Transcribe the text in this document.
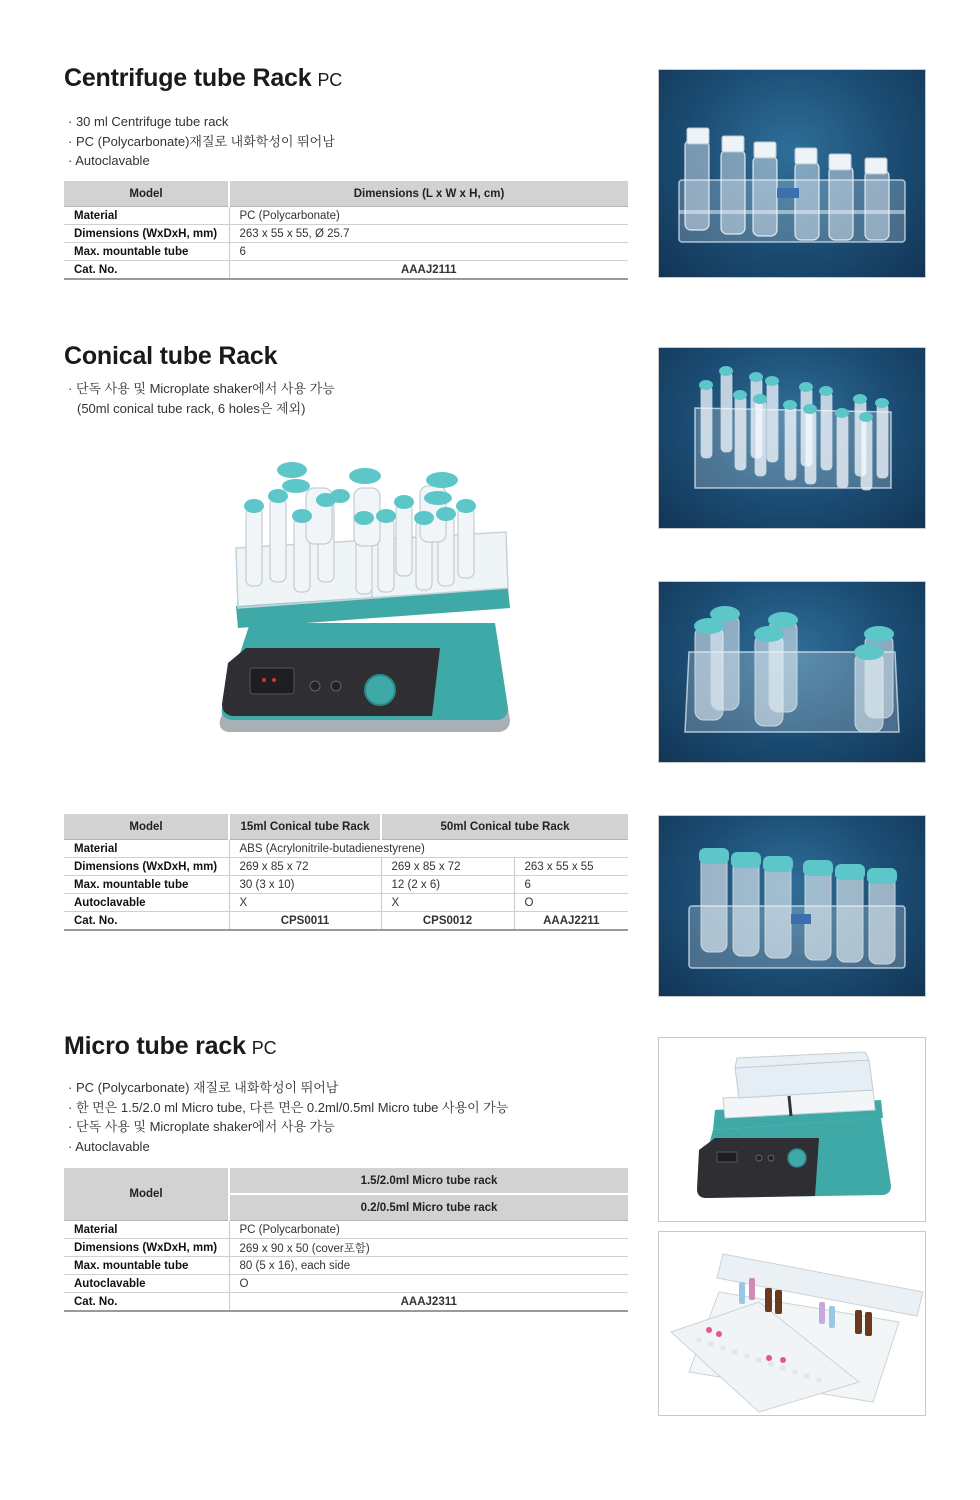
Centrifuge tube Rack PC
· 30 ml Centrifuge tube rack
· PC (Polycarbonate)재질로 내화학성이 뛰어남
· Autoclavable
Model	Dimensions (L x W x H, cm)
Material	PC (Polycarbonate)
Dimensions (WxDxH, mm)	263 x 55 x 55, Ø 25.7
Max. mountable tube	6
Cat. No.	AAAJ2111
Conical tube Rack
· 단독 사용 및 Microplate shaker에서 사용 가능
(50ml conical tube rack, 6 holes은 제외)
Model	15ml Conical tube Rack	50ml Conical tube Rack	
Material	ABS (Acrylonitrile-butadienestyrene)		
Dimensions (WxDxH, mm)	269 x 85 x 72	269 x 85 x 72	263 x 55 x 55
Max. mountable tube	30 (3 x 10)	12 (2 x 6)	6
Autoclavable	X	X	O
Cat. No.	CPS0011	CPS0012	AAAJ2211
Micro tube rack PC
· PC (Polycarbonate) 재질로 내화학성이 뛰어남
· 한 면은 1.5/2.0 ml Micro tube, 다른 면은 0.2ml/0.5ml Micro tube 사용이 가능
· 단독 사용 및 Microplate shaker에서 사용 가능
· Autoclavable
Model	1.5/2.0ml Micro tube rack
	0.2/0.5ml Micro tube rack
Material	PC (Polycarbonate)
Dimensions (WxDxH, mm)	269 x 90 x 50 (cover포함)
Max. mountable tube	80 (5 x 16), each side
Autoclavable	O
Cat. No.	AAAJ2311
